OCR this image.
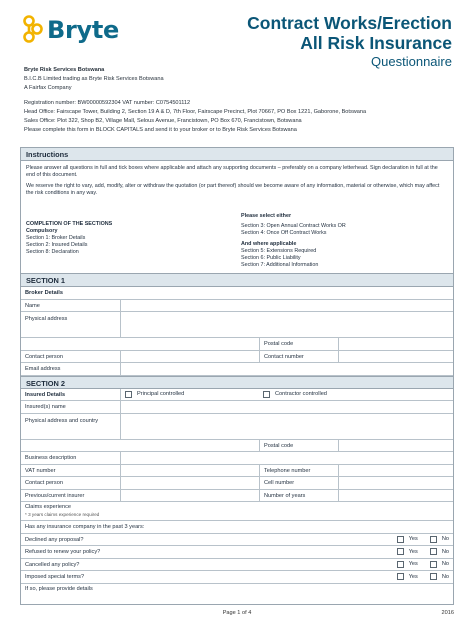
Bryte	Contract Works/Erection
All Risk Insurance
Questionnaire
Bryte Risk Services Botswana
B.I.C.B Limited trading as Bryte Risk Services Botswana
A Fairfax Company
Registration number: BW00000592304 VAT number: C0754501112
Head Office: Fairscape Tower, Building 2, Section 19 A & D, 7th Floor, Fairscape Precinct, Plot 70667, PO Box 1221, Gaborone, Botswana
Sales Office: Plot 322, Shop B2, Village Mall, Selous Avenue, Francistown, PO Box 670, Francistown, Botswana
Please complete this form in BLOCK CAPITALS and send it to your broker or to Bryte Risk Services Botswana
Instructions

Please answer all questions in full and tick boxes where applicable and attach any supporting documents – preferably on a company letterhead. Sign declaration in full at the end of this document.

We reserve the right to vary, add, modify, alter or withdraw the quotation (or part thereof) should we become aware of any information, material or otherwise, which may affect the risk conditions in any way.

COMPLETION OF THE SECTIONS
Compulsory
Section 1: Broker Details
Section 2: Insured Details
Section 8: Declaration
Please select either
Section 3: Open Annual Contract Works OR
Section 4: Once Off Contract Works
And where applicable
Section 5: Extensions Required
Section 6: Public Liability
Section 7: Additional Information
SECTION 1
Broker Details
Name
Physical address
Postal code
Contact person	Contact number
Email address
SECTION 2
Insured Details	Principal controlled	Contractor controlled
Insured(s) name
Physical address and country
Postal code
Business description
VAT number	Telephone number
Contact person	Cell number
Previous/current insurer	Number of years
Claims experience
* 3 years claims experience required
Has any insurance company in the past 3 years:
Declined any proposal?	Yes	No
Refused to renew your policy?	Yes	No
Cancelled any policy?	Yes	No
Imposed special terms?	Yes	No
If so, please provide details
Page 1 of 4	2016
